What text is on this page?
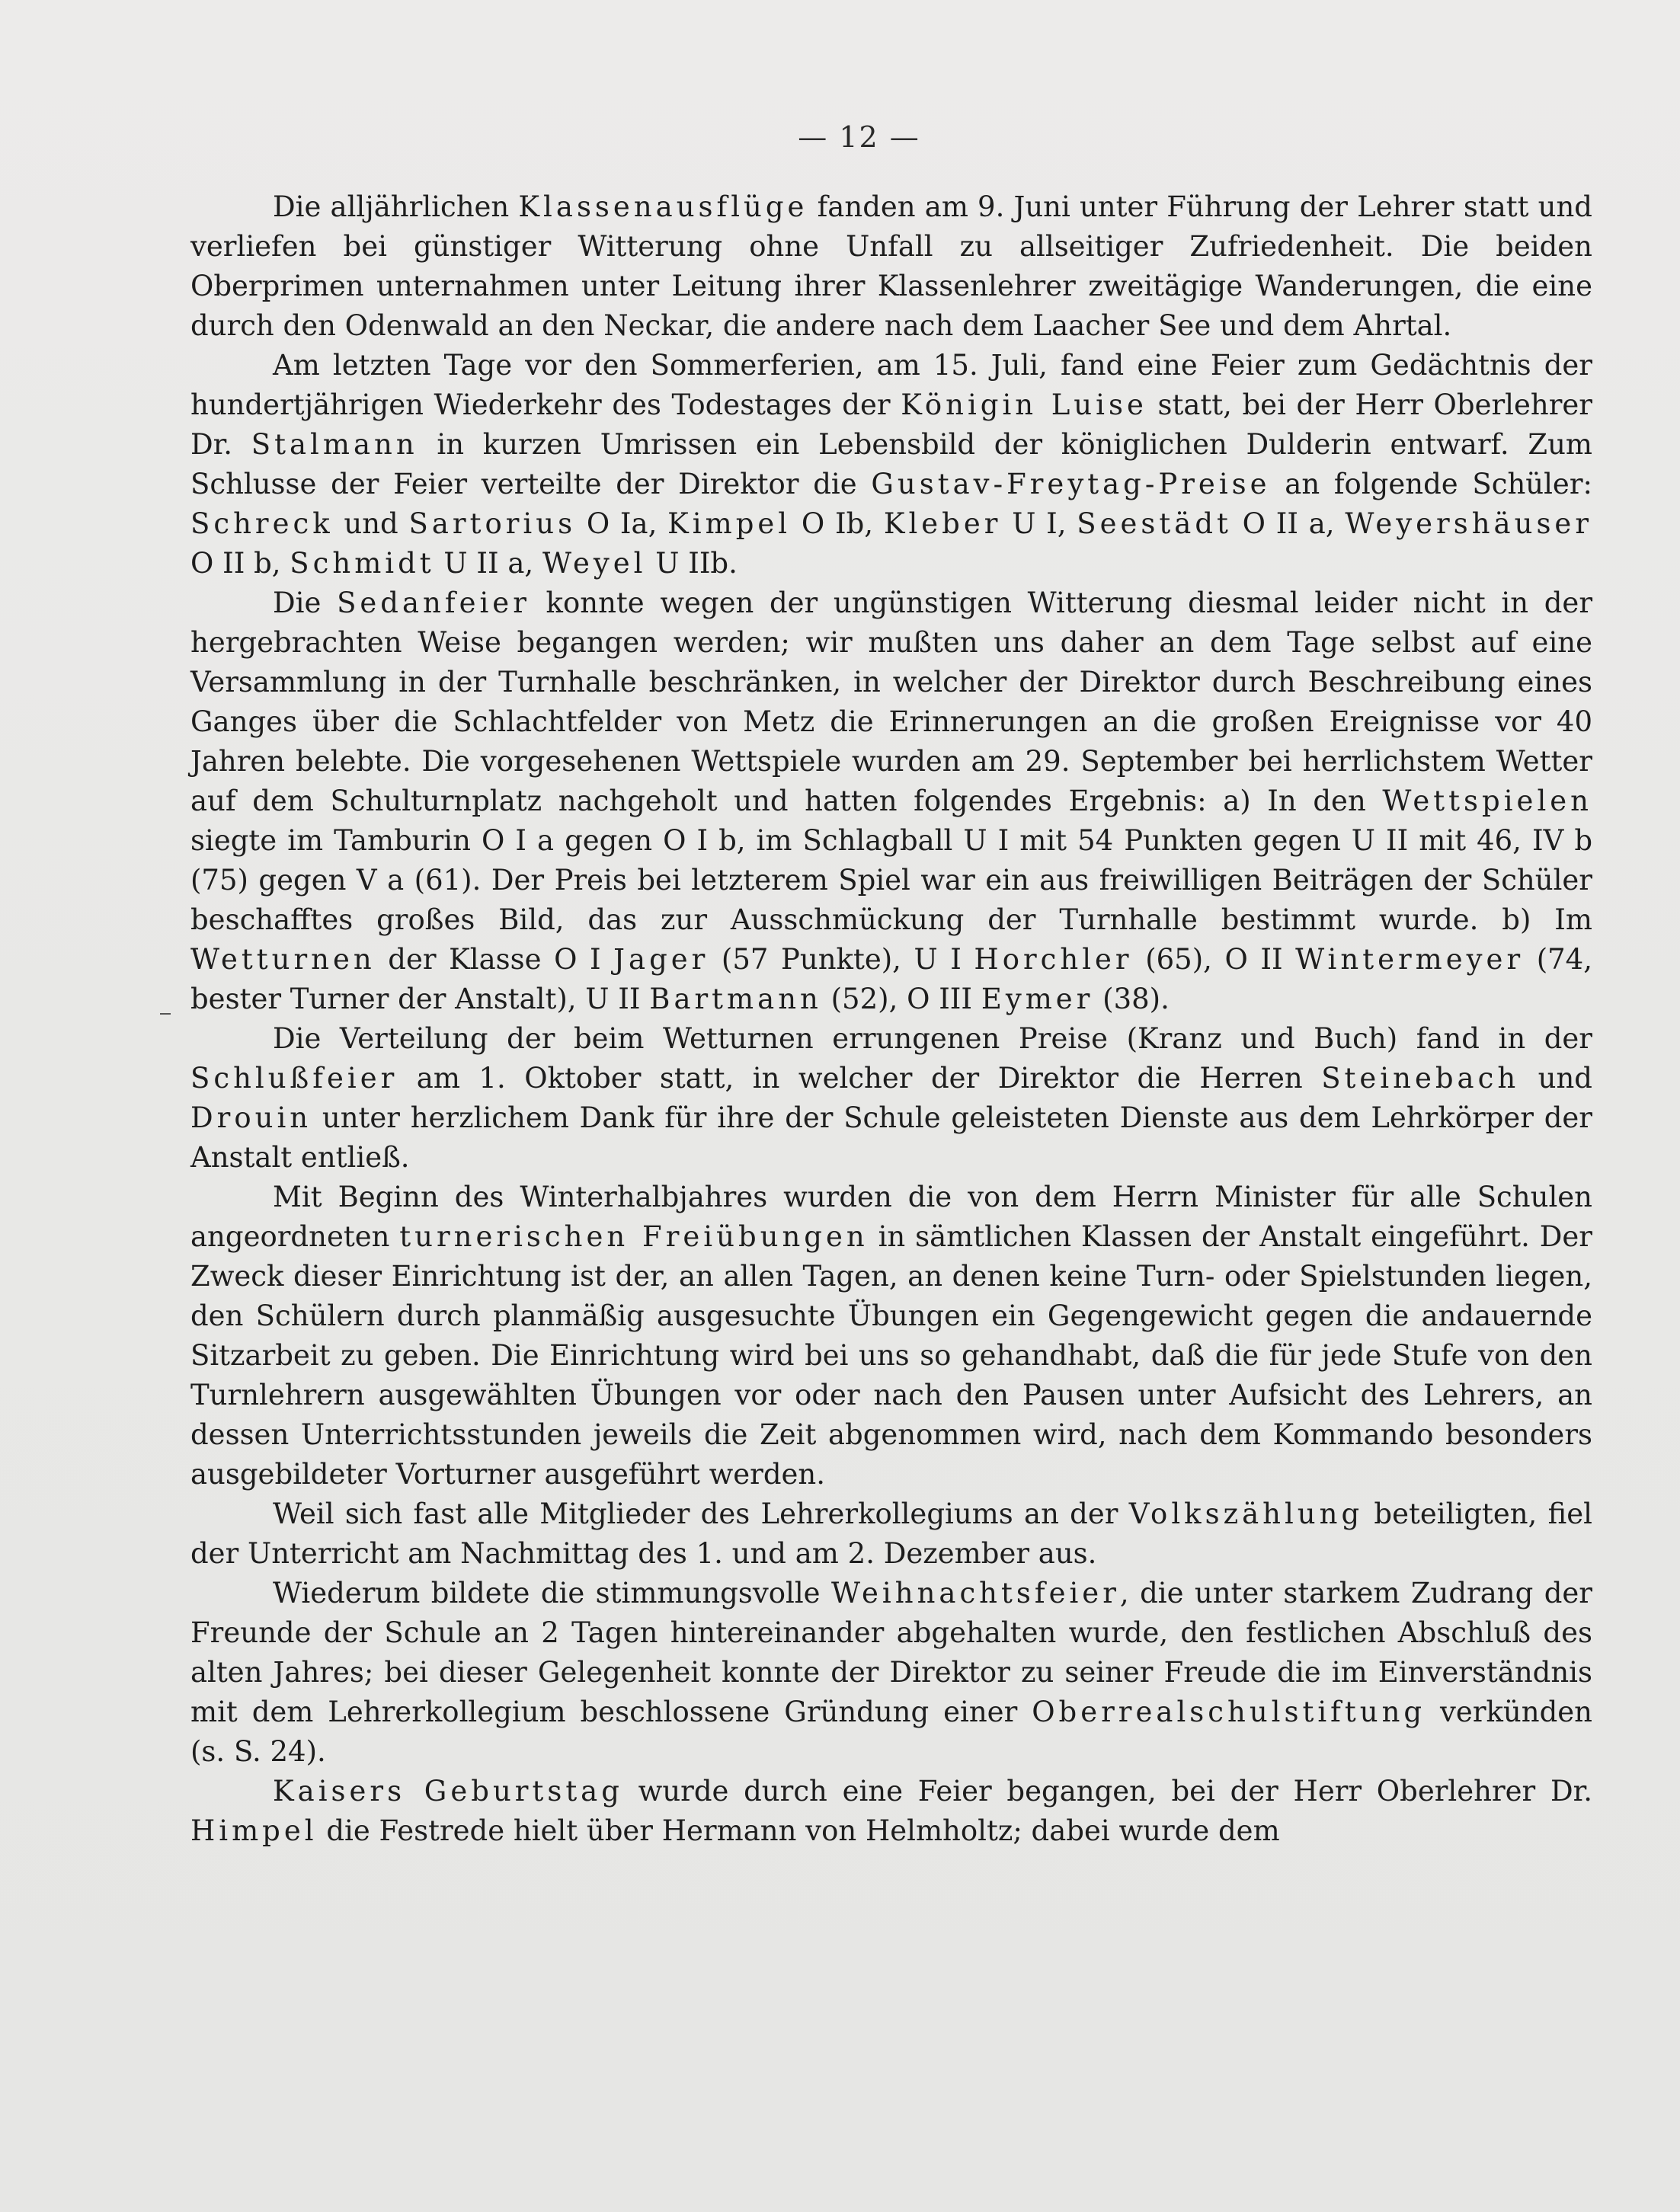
— 12 —

Die alljährlichen Klassenausflüge fanden am 9. Juni unter Führung der Lehrer statt und verliefen bei günstiger Witterung ohne Unfall zu allseitiger Zufriedenheit. Die beiden Oberprimen unternahmen unter Leitung ihrer Klassenlehrer zweitägige Wanderungen, die eine durch den Odenwald an den Neckar, die andere nach dem Laacher See und dem Ahrtal.

Am letzten Tage vor den Sommerferien, am 15. Juli, fand eine Feier zum Gedächtnis der hundertjährigen Wiederkehr des Todestages der Königin Luise statt, bei der Herr Oberlehrer Dr. Stalmann in kurzen Umrissen ein Lebensbild der königlichen Dulderin entwarf. Zum Schlusse der Feier verteilte der Direktor die Gustav-Freytag-Preise an folgende Schüler: Schreck und Sartorius O Ia, Kimpel O Ib, Kleber U I, Seestädt O II a, Weyershäuser O II b, Schmidt U II a, Weyel U IIb.

Die Sedanfeier konnte wegen der ungünstigen Witterung diesmal leider nicht in der hergebrachten Weise begangen werden; wir mußten uns daher an dem Tage selbst auf eine Versammlung in der Turnhalle beschränken, in welcher der Direktor durch Beschreibung eines Ganges über die Schlachtfelder von Metz die Erinnerungen an die großen Ereignisse vor 40 Jahren belebte. Die vorgesehenen Wettspiele wurden am 29. September bei herrlichstem Wetter auf dem Schulturnplatz nachgeholt und hatten folgendes Ergebnis: a) In den Wettspielen siegte im Tamburin O I a gegen O I b, im Schlagball U I mit 54 Punkten gegen U II mit 46, IV b (75) gegen V a (61). Der Preis bei letzterem Spiel war ein aus freiwilligen Beiträgen der Schüler beschafftes großes Bild, das zur Ausschmückung der Turnhalle bestimmt wurde. b) Im Wetturnen der Klasse O I Jager (57 Punkte), U I Horchler (65), O II Wintermeyer (74, bester Turner der Anstalt), U II Bartmann (52), O III Eymer (38).

Die Verteilung der beim Wetturnen errungenen Preise (Kranz und Buch) fand in der Schlußfeier am 1. Oktober statt, in welcher der Direktor die Herren Steinebach und Drouin unter herzlichem Dank für ihre der Schule geleisteten Dienste aus dem Lehrkörper der Anstalt entließ.

Mit Beginn des Winterhalbjahres wurden die von dem Herrn Minister für alle Schulen angeordneten turnerischen Freiübungen in sämtlichen Klassen der Anstalt eingeführt. Der Zweck dieser Einrichtung ist der, an allen Tagen, an denen keine Turn- oder Spielstunden liegen, den Schülern durch planmäßig ausgesuchte Übungen ein Gegengewicht gegen die andauernde Sitzarbeit zu geben. Die Einrichtung wird bei uns so gehandhabt, daß die für jede Stufe von den Turnlehrern ausgewählten Übungen vor oder nach den Pausen unter Aufsicht des Lehrers, an dessen Unterrichtsstunden jeweils die Zeit abgenommen wird, nach dem Kommando besonders ausgebildeter Vorturner ausgeführt werden.

Weil sich fast alle Mitglieder des Lehrerkollegiums an der Volkszählung beteiligten, fiel der Unterricht am Nachmittag des 1. und am 2. Dezember aus.

Wiederum bildete die stimmungsvolle Weihnachtsfeier, die unter starkem Zudrang der Freunde der Schule an 2 Tagen hintereinander abgehalten wurde, den festlichen Abschluß des alten Jahres; bei dieser Gelegenheit konnte der Direktor zu seiner Freude die im Einverständnis mit dem Lehrerkollegium beschlossene Gründung einer Oberrealschulstiftung verkünden (s. S. 24).

Kaisers Geburtstag wurde durch eine Feier begangen, bei der Herr Oberlehrer Dr. Himpel die Festrede hielt über Hermann von Helmholtz; dabei wurde dem
